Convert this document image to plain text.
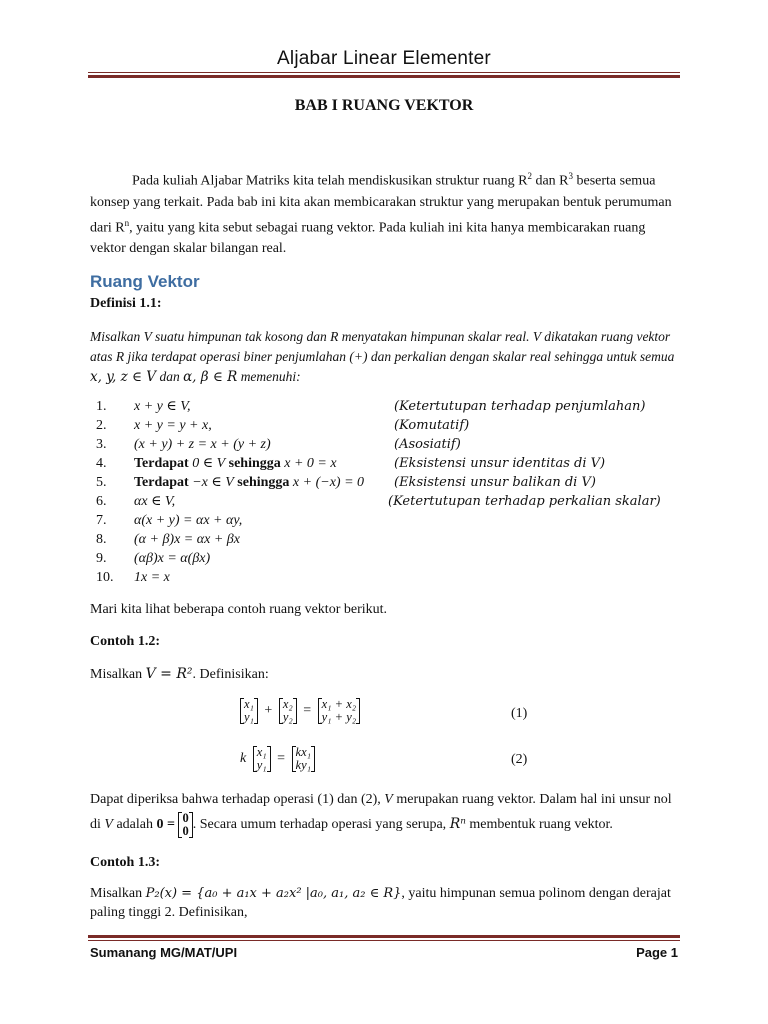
Aljabar Linear Elementer
BAB I RUANG VEKTOR
Pada kuliah Aljabar Matriks kita telah mendiskusikan struktur ruang $R^2$ dan $R^3$ beserta semua konsep yang terkait. Pada bab ini kita akan membicarakan struktur yang merupakan bentuk perumuman dari $R^n$, yaitu yang kita sebut sebagai ruang vektor. Pada kuliah ini kita hanya membicarakan ruang vektor dengan skalar bilangan real.
Ruang Vektor
Definisi 1.1:
Misalkan V suatu himpunan tak kosong dan R menyatakan himpunan skalar real. V dikatakan ruang vektor atas R jika terdapat operasi biner penjumlahan (+) dan perkalian dengan skalar real sehingga untuk semua x, y, z ∈ V dan α, β ∈ R memenuhi:
1. x + y ∈ V,	(Ketertutupan terhadap penjumlahan)
2. x + y = y + x,	(Komutatif)
3. (x + y) + z = x + (y + z)	(Asosiatif)
4. Terdapat 0 ∈ V sehingga x + 0 = x	(Eksistensi unsur identitas di V)
5. Terdapat −x ∈ V sehingga x + (−x) = 0 (Eksistensi unsur balikan di V)
6. αx ∈ V,	(Ketertutupan terhadap perkalian skalar)
7. α(x + y) = αx + αy,
8. (α + β)x = αx + βx
9. (αβ)x = α(βx)
10. 1x = x
Mari kita lihat beberapa contoh ruang vektor berikut.
Contoh 1.2:
Misalkan V = R². Definisikan:
x₁
y₁ + x₂
y₂ = x₁ + x₂
y₁ + y₂	(1)
k x₁
y₁ = kx₁
ky₁	(2)
Dapat diperiksa bahwa terhadap operasi (1) dan (2), V merupakan ruang vektor. Dalam hal ini unsur nol
di V adalah 0 = 0
0 . Secara umum terhadap operasi yang serupa, Rⁿ membentuk ruang vektor.
Contoh 1.3:
Misalkan P₂(x) = {a₀ + a₁x + a₂x² |a₀, a₁, a₂ ∈ R}, yaitu himpunan semua polinom dengan derajat
paling tinggi 2. Definisikan,
Sumanang MG/MAT/UPI	Page 1
